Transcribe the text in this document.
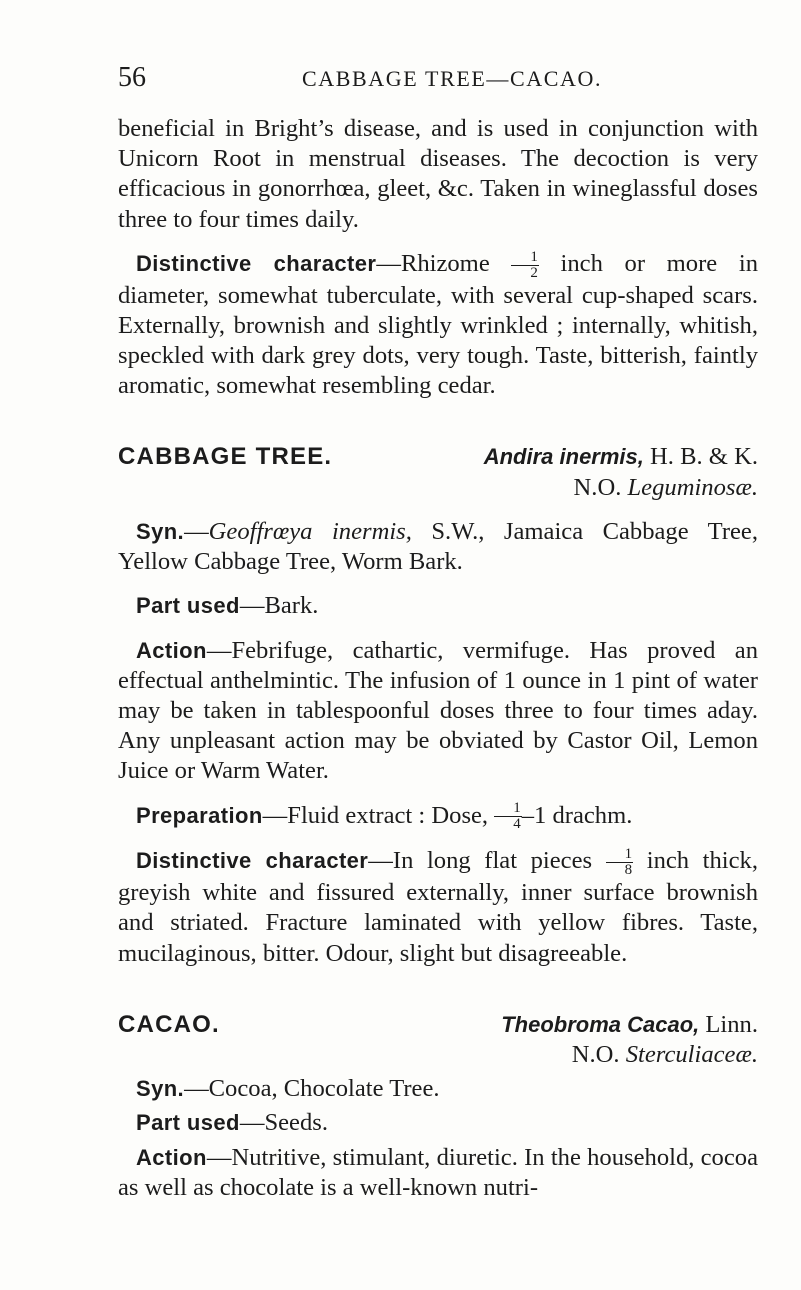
56	CABBAGE TREE—CACAO.

beneficial in Bright’s disease, and is used in conjunction with Unicorn Root in menstrual diseases. The decoction is very efficacious in gonorrhœa, gleet, &c. Taken in wineglassful doses three to four times daily.

Distinctive character—Rhizome $\frac{1}{2}$ inch or more in diameter, somewhat tuberculate, with several cup-shaped scars. Externally, brownish and slightly wrinkled ; internally, whitish, speckled with dark grey dots, very tough. Taste, bitterish, faintly aromatic, somewhat resembling cedar.

CABBAGE TREE.	Andira inermis, H. B. & K.

N.O. Leguminosæ.

Syn.—Geoffrœya inermis, S.W., Jamaica Cabbage Tree, Yellow Cabbage Tree, Worm Bark.

Part used—Bark.

Action—Febrifuge, cathartic, vermifuge. Has proved an effectual anthelmintic. The infusion of 1 ounce in 1 pint of water may be taken in tablespoonful doses three to four times aday. Any unpleasant action may be obviated by Castor Oil, Lemon Juice or Warm Water.

Preparation—Fluid extract : Dose, $\frac{1}{4} -1$ drachm.

Distinctive character—In long flat pieces $\frac{1}{8}$ inch thick, greyish white and fissured externally, inner surface brownish and striated. Fracture laminated with yellow fibres. Taste, mucilaginous, bitter. Odour, slight but disagreeable.

CACAO.	Theobroma Cacao, Linn.

N.O. Sterculiaceæ.

Syn.—Cocoa, Chocolate Tree.

Part used—Seeds.

Action—Nutritive, stimulant, diuretic. In the household, cocoa as well as chocolate is a well-known nutri-
